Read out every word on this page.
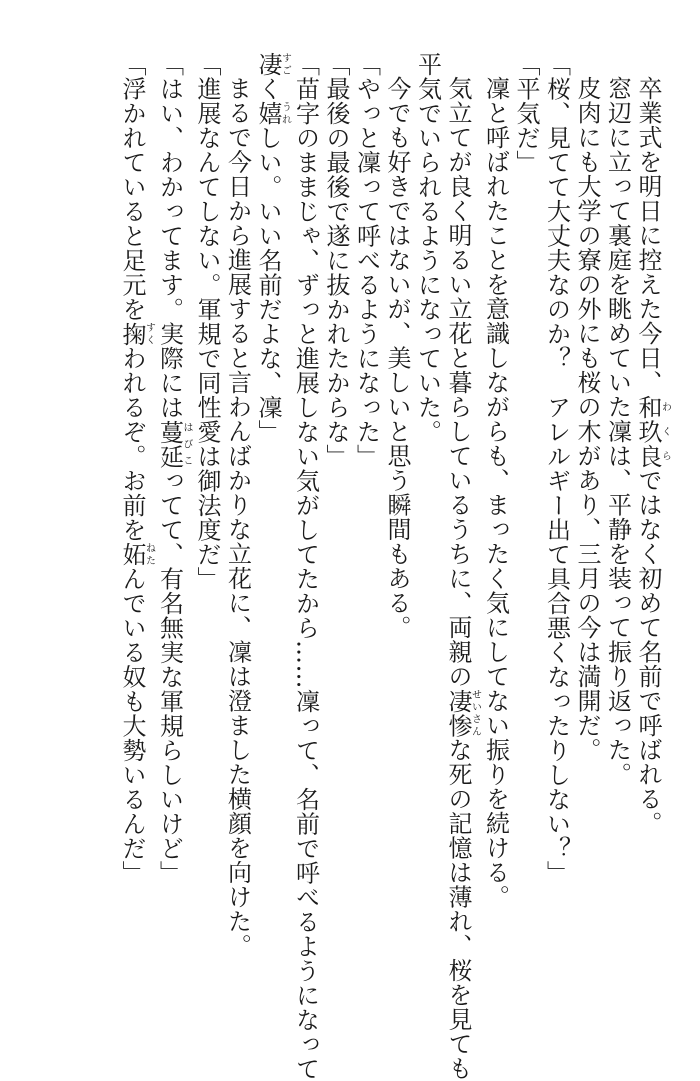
卒業式を明日に控えた今日、和玖良わくらではなく初めて名前で呼ばれる。
窓辺に立って裏庭を眺めていた凜は、平静を装って振り返った。
皮肉にも大学の寮の外にも桜の木があり、三月の今は満開だ。
「桜、見てて大丈夫なのか？　アレルギー出て具合悪くなったりしない？」
「平気だ」
凜と呼ばれたことを意識しながらも、まったく気にしてない振りを続ける。
気立てが良く明るい立花と暮らしているうちに、両親の凄惨せいさんな死の記憶は薄れ、桜を見ても
平気でいられるようになっていた。
今でも好きではないが、美しいと思う瞬間もある。
「やっと凜って呼べるようになった」
「最後の最後で遂に抜かれたからな」
「苗字のままじゃ、ずっと進展しない気がしてたから……凜って、名前で呼べるようになって
凄すごく嬉うれしい。いい名前だよな、凜」
まるで今日から進展すると言わんばかりな立花に、凜は澄ました横顔を向けた。
「進展なんてしない。軍規で同性愛は御法度だ」
「はい、わかってます。実際には蔓延はびこってて、有名無実な軍規らしいけど」
「浮かれていると足元を掬すくわれるぞ。お前を妬ねたんでいる奴も大勢いるんだ」
